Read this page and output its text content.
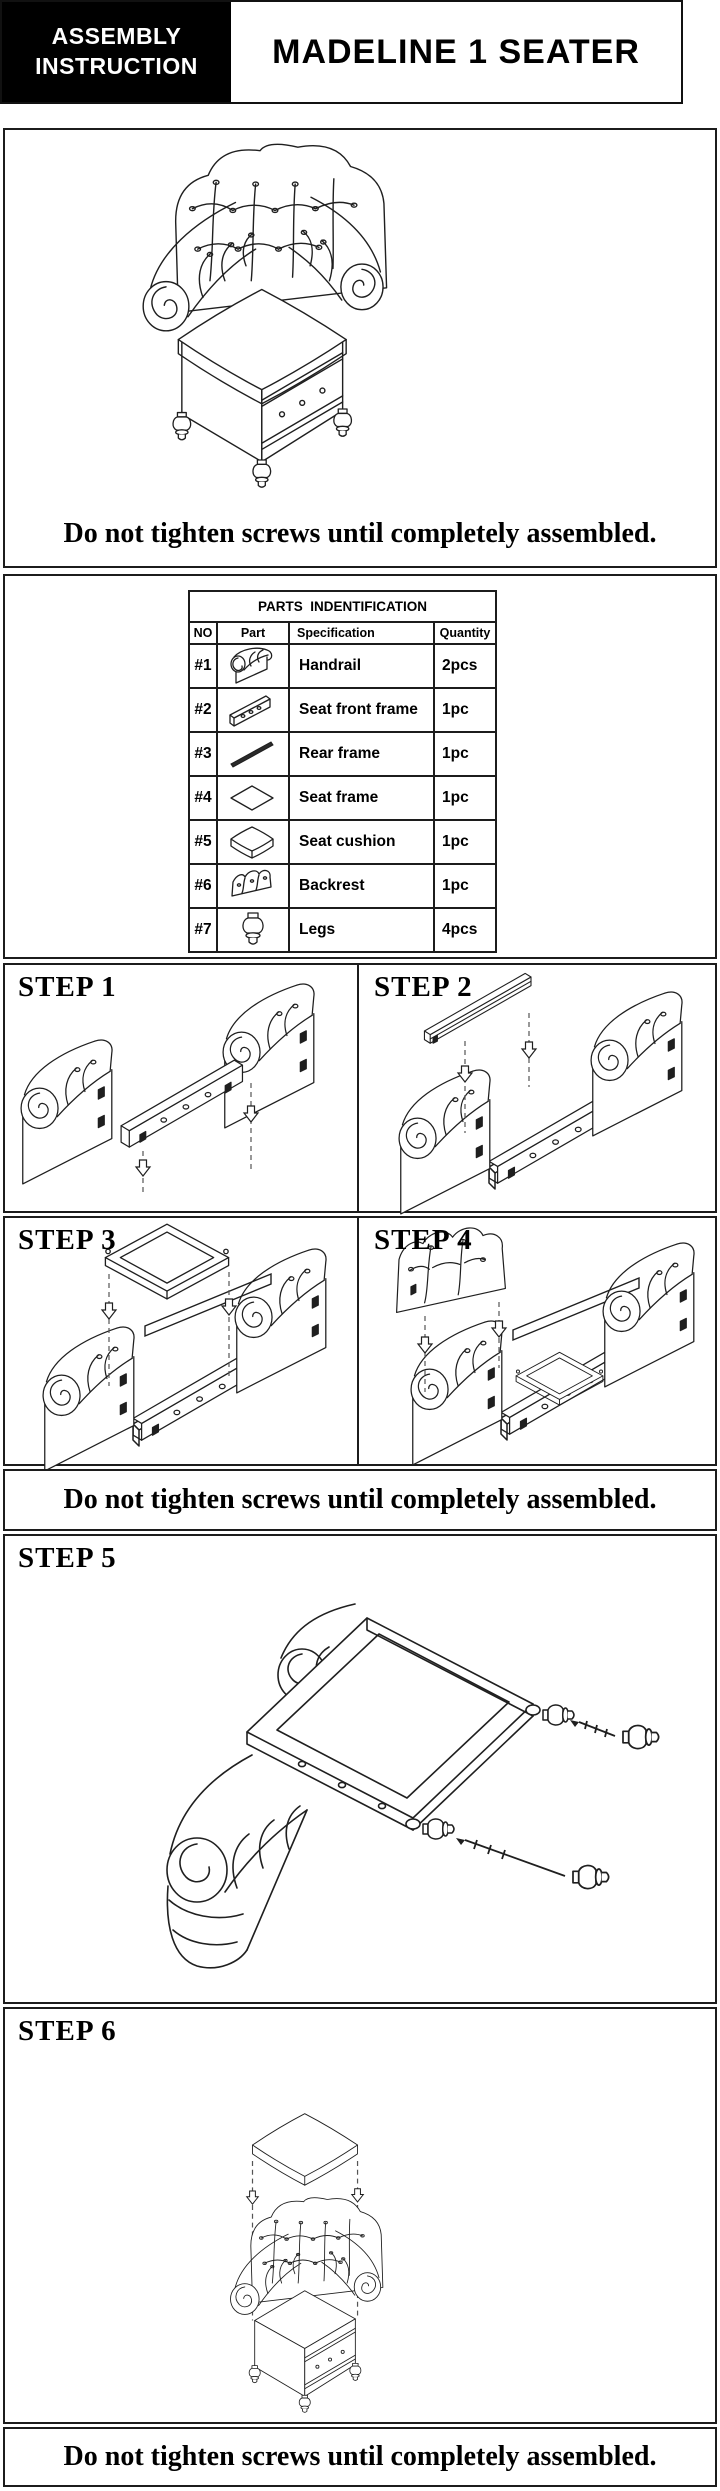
ASSEMBLY
INSTRUCTION	MADELINE 1 SEATER
Do not tighten screws until completely assembled.
PARTS  INDENTIFICATION			
NO	Part	Specification	Quantity
#1		Handrail	2pcs
#2		Seat front frame	1pc
#3		Rear frame	1pc
#4		Seat frame	1pc
#5		Seat cushion	1pc
#6		Backrest	1pc
#7		Legs	4pcs
STEP 1	STEP 2
STEP 3	STEP 4
Do not tighten screws until completely assembled.
STEP 5
STEP 6
Do not tighten screws until completely assembled.
